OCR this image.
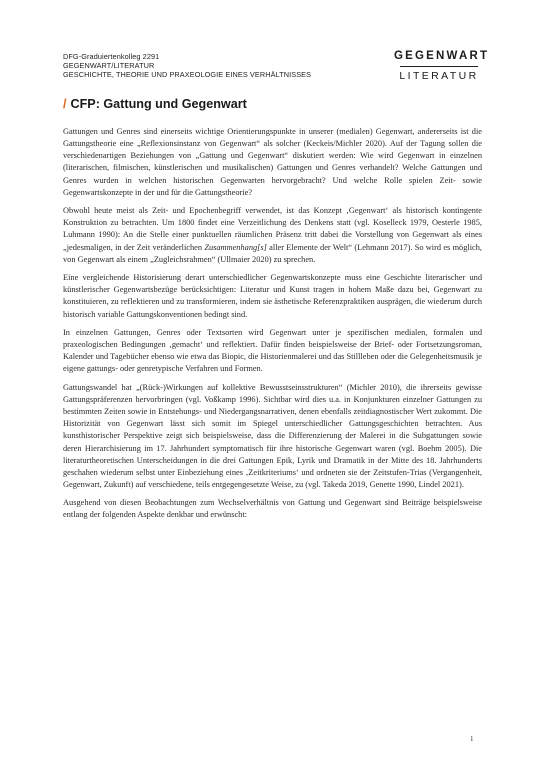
DFG-Graduiertenkolleg 2291
GEGENWART/LITERATUR
GESCHICHTE, THEORIE UND PRAXEOLOGIE EINES VERHÄLTNISSES
GEGENWART
LITERATUR
/ CFP: Gattung und Gegenwart

Gattungen und Genres sind einerseits wichtige Orientierungspunkte in unserer (medialen) Gegenwart, andererseits ist die Gattungstheorie eine „Reflexionsinstanz von Gegenwart“ als solcher (Keckeis/Michler 2020). Auf der Tagung sollen die verschiedenartigen Beziehungen von „Gattung und Gegenwart“ diskutiert werden: Wie wird Gegenwart in einzelnen (literarischen, filmischen, künstlerischen und musikalischen) Gattungen und Genres verhandelt? Welche Gattungen und Genres wurden in welchen historischen Gegenwarten hervorgebracht? Und welche Rolle spielen Zeit- sowie Gegenwartskonzepte in der und für die Gattungstheorie?

Obwohl heute meist als Zeit- und Epochenbegriff verwendet, ist das Konzept ‚Gegenwart‘ als historisch kontingente Konstruktion zu betrachten. Um 1800 findet eine Verzeitlichung des Denkens statt (vgl. Koselleck 1979, Oesterle 1985, Luhmann 1990): An die Stelle einer punktuellen räumlichen Präsenz tritt dabei die Vorstellung von Gegenwart als eines „jedesmaligen, in der Zeit veränderlichen Zusammenhang[s] aller Elemente der Welt“ (Lehmann 2017). So wird es möglich, von Gegenwart als einem „Zugleichsrahmen“ (Ullmaier 2020) zu sprechen.

Eine vergleichende Historisierung derart unterschiedlicher Gegenwartskonzepte muss eine Geschichte literarischer und künstlerischer Gegenwartsbezüge berücksichtigen: Literatur und Kunst tragen in hohem Maße dazu bei, Gegenwart zu konstituieren, zu reflektieren und zu transformieren, indem sie ästhetische Referenzpraktiken ausprägen, die wiederum durch historisch variable Gattungskonventionen bedingt sind.

In einzelnen Gattungen, Genres oder Textsorten wird Gegenwart unter je spezifischen medialen, formalen und praxeologischen Bedingungen ‚gemacht‘ und reflektiert. Dafür finden beispielsweise der Brief- oder Fortsetzungsroman, Kalender und Tagebücher ebenso wie etwa das Biopic, die Historienmalerei und das Stillleben oder die Gelegenheitsmusik je eigene gattungs- oder genretypische Verfahren und Formen.

Gattungswandel hat „(Rück-)Wirkungen auf kollektive Bewusstseinsstrukturen“ (Michler 2010), die ihrerseits gewisse Gattungspräferenzen hervorbringen (vgl. Voßkamp 1996). Sichtbar wird dies u.a. in Konjunkturen einzelner Gattungen zu bestimmten Zeiten sowie in Entstehungs- und Niedergangsnarrativen, denen ebenfalls zeitdiagnostischer Wert zukommt. Die Historizität von Gegenwart lässt sich somit im Spiegel unterschiedlicher Gattungsgeschichten betrachten. Aus kunsthistorischer Perspektive zeigt sich beispielsweise, dass die Differenzierung der Malerei in die Subgattungen sowie deren Hierarchisierung im 17. Jahrhundert symptomatisch für ihre historische Gegenwart waren (vgl. Boehm 2005). Die literaturtheoretischen Unterscheidungen in die drei Gattungen Epik, Lyrik und Dramatik in der Mitte des 18. Jahrhunderts geschahen wiederum selbst unter Einbeziehung eines ‚Zeitkriteriums‘ und ordneten sie der Zeitstufen-Trias (Vergangenheit, Gegenwart, Zukunft) auf verschiedene, teils entgegengesetzte Weise, zu (vgl. Takeda 2019, Genette 1990, Lindel 2021).

Ausgehend von diesen Beobachtungen zum Wechselverhältnis von Gattung und Gegenwart sind Beiträge beispielsweise entlang der folgenden Aspekte denkbar und erwünscht:

1
